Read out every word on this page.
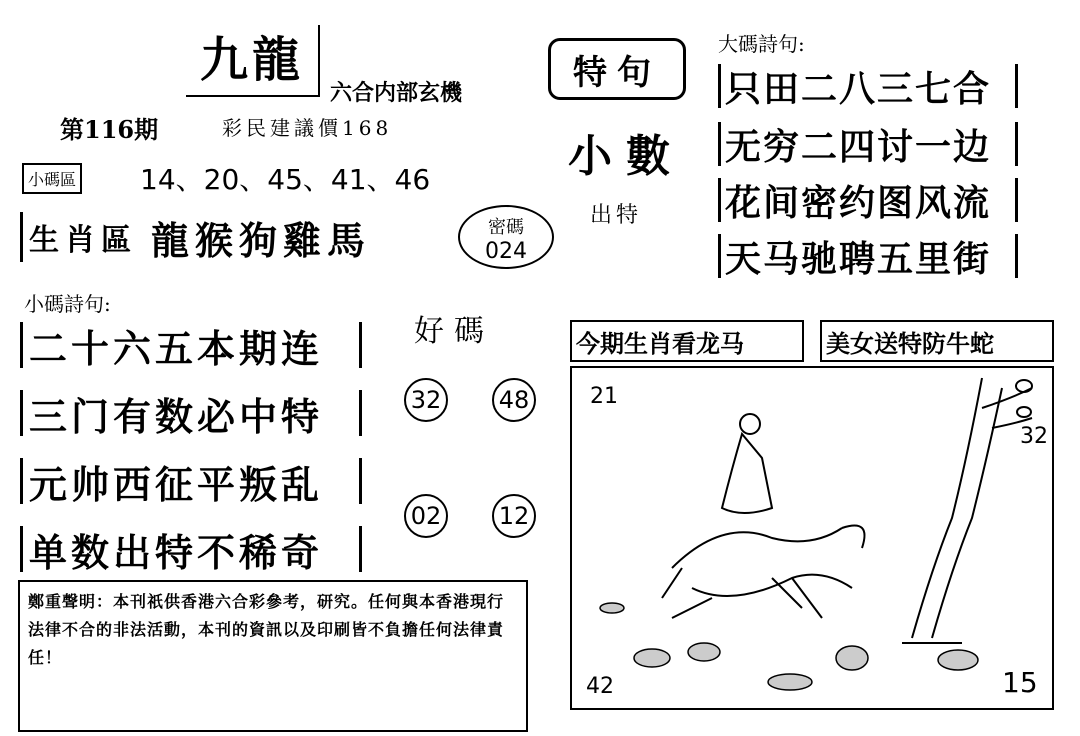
九龍
六合内部玄機
第116期	彩民建議價168
小碼區 14、20、45、41、46
生肖區 龍猴狗雞馬	密碼
024
特句
小數
出特
大碼詩句:
只田二八三七合
无穷二四讨一边
花间密约图风流
天马驰聘五里街
小碼詩句:
二十六五本期连
三门有数必中特
元帅西征平叛乱
单数出特不稀奇
好碼
32 48
02 12
今期生肖看龙马	美女送特防牛蛇
21
32
42	15
鄭重聲明：本刊祇供香港六合彩參考，研究。任何與本香港現行法律不合的非法活動，本刊的資訊以及印刷皆不負擔任何法律責任！
